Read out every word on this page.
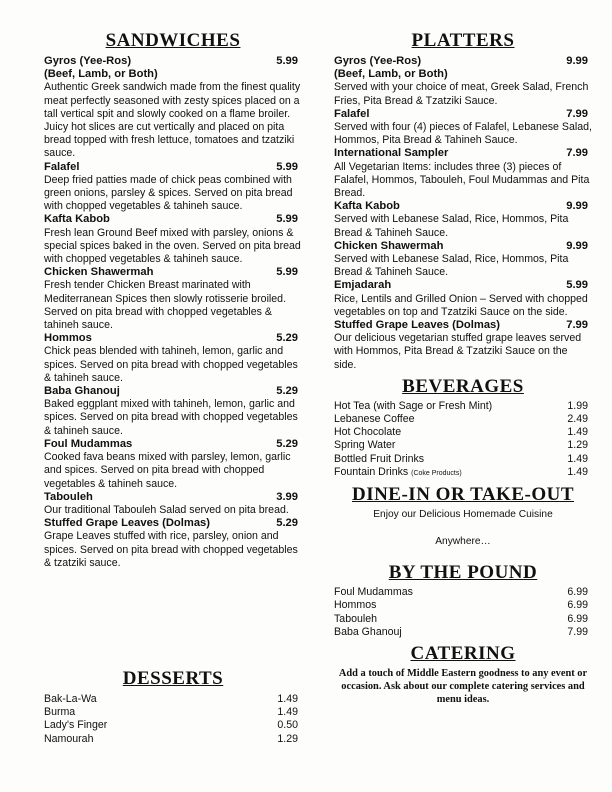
SANDWICHES
Gyros (Yee-Ros)	5.99
(Beef, Lamb, or Both)
Authentic Greek sandwich made from the finest quality meat perfectly seasoned with zesty spices placed on a tall vertical spit and slowly cooked on a flame broiler. Juicy hot slices are cut vertically and placed on pita bread topped with fresh lettuce, tomatoes and tzatziki sauce.
Falafel	5.99
Deep fried patties made of chick peas combined with green onions, parsley & spices. Served on pita bread with chopped vegetables & tahineh sauce.
Kafta Kabob	5.99
Fresh lean Ground Beef mixed with parsley, onions & special spices baked in the oven. Served on pita bread with chopped vegetables & tahineh sauce.
Chicken Shawermah	5.99
Fresh tender Chicken Breast marinated with Mediterranean Spices then slowly rotisserie broiled. Served on pita bread with chopped vegetables & tahineh sauce.
Hommos	5.29
Chick peas blended with tahineh, lemon, garlic and spices. Served on pita bread with chopped vegetables & tahineh sauce.
Baba Ghanouj	5.29
Baked eggplant mixed with tahineh, lemon, garlic and spices. Served on pita bread with chopped vegetables & tahineh sauce.
Foul Mudammas	5.29
Cooked fava beans mixed with parsley, lemon, garlic and spices. Served on pita bread with chopped vegetables & tahineh sauce.
Tabouleh	3.99
Our traditional Tabouleh Salad served on pita bread.
Stuffed Grape Leaves (Dolmas)	5.29
Grape Leaves stuffed with rice, parsley, onion and spices. Served on pita bread with chopped vegetables & tzatziki sauce.
DESSERTS
Bak-La-Wa	1.49
Burma	1.49
Lady's Finger	0.50
Namourah	1.29
PLATTERS
Gyros (Yee-Ros)	9.99
(Beef, Lamb, or Both)
Served with your choice of meat, Greek Salad, French Fries, Pita Bread & Tzatziki Sauce.
Falafel	7.99
Served with four (4) pieces of Falafel, Lebanese Salad, Hommos, Pita Bread & Tahineh Sauce.
International Sampler	7.99
All Vegetarian Items: includes three (3) pieces of Falafel, Hommos, Tabouleh, Foul Mudammas and Pita Bread.
Kafta Kabob	9.99
Served with Lebanese Salad, Rice, Hommos, Pita Bread & Tahineh Sauce.
Chicken Shawermah	9.99
Served with Lebanese Salad, Rice, Hommos, Pita Bread & Tahineh Sauce.
Emjadarah	5.99
Rice, Lentils and Grilled Onion – Served with chopped vegetables on top and Tzatziki Sauce on the side.
Stuffed Grape Leaves (Dolmas)	7.99
Our delicious vegetarian stuffed grape leaves served with Hommos, Pita Bread & Tzatziki Sauce on the side.
BEVERAGES
Hot Tea (with Sage or Fresh Mint)	1.99
Lebanese Coffee	2.49
Hot Chocolate	1.49
Spring Water	1.29
Bottled Fruit Drinks	1.49
Fountain Drinks (Coke Products)	1.49
DINE-IN OR TAKE-OUT
Enjoy our Delicious Homemade Cuisine
Anywhere…
BY THE POUND
Foul Mudammas	6.99
Hommos	6.99
Tabouleh	6.99
Baba Ghanouj	7.99
CATERING
Add a touch of Middle Eastern goodness to any event or occasion. Ask about our complete catering services and menu ideas.
